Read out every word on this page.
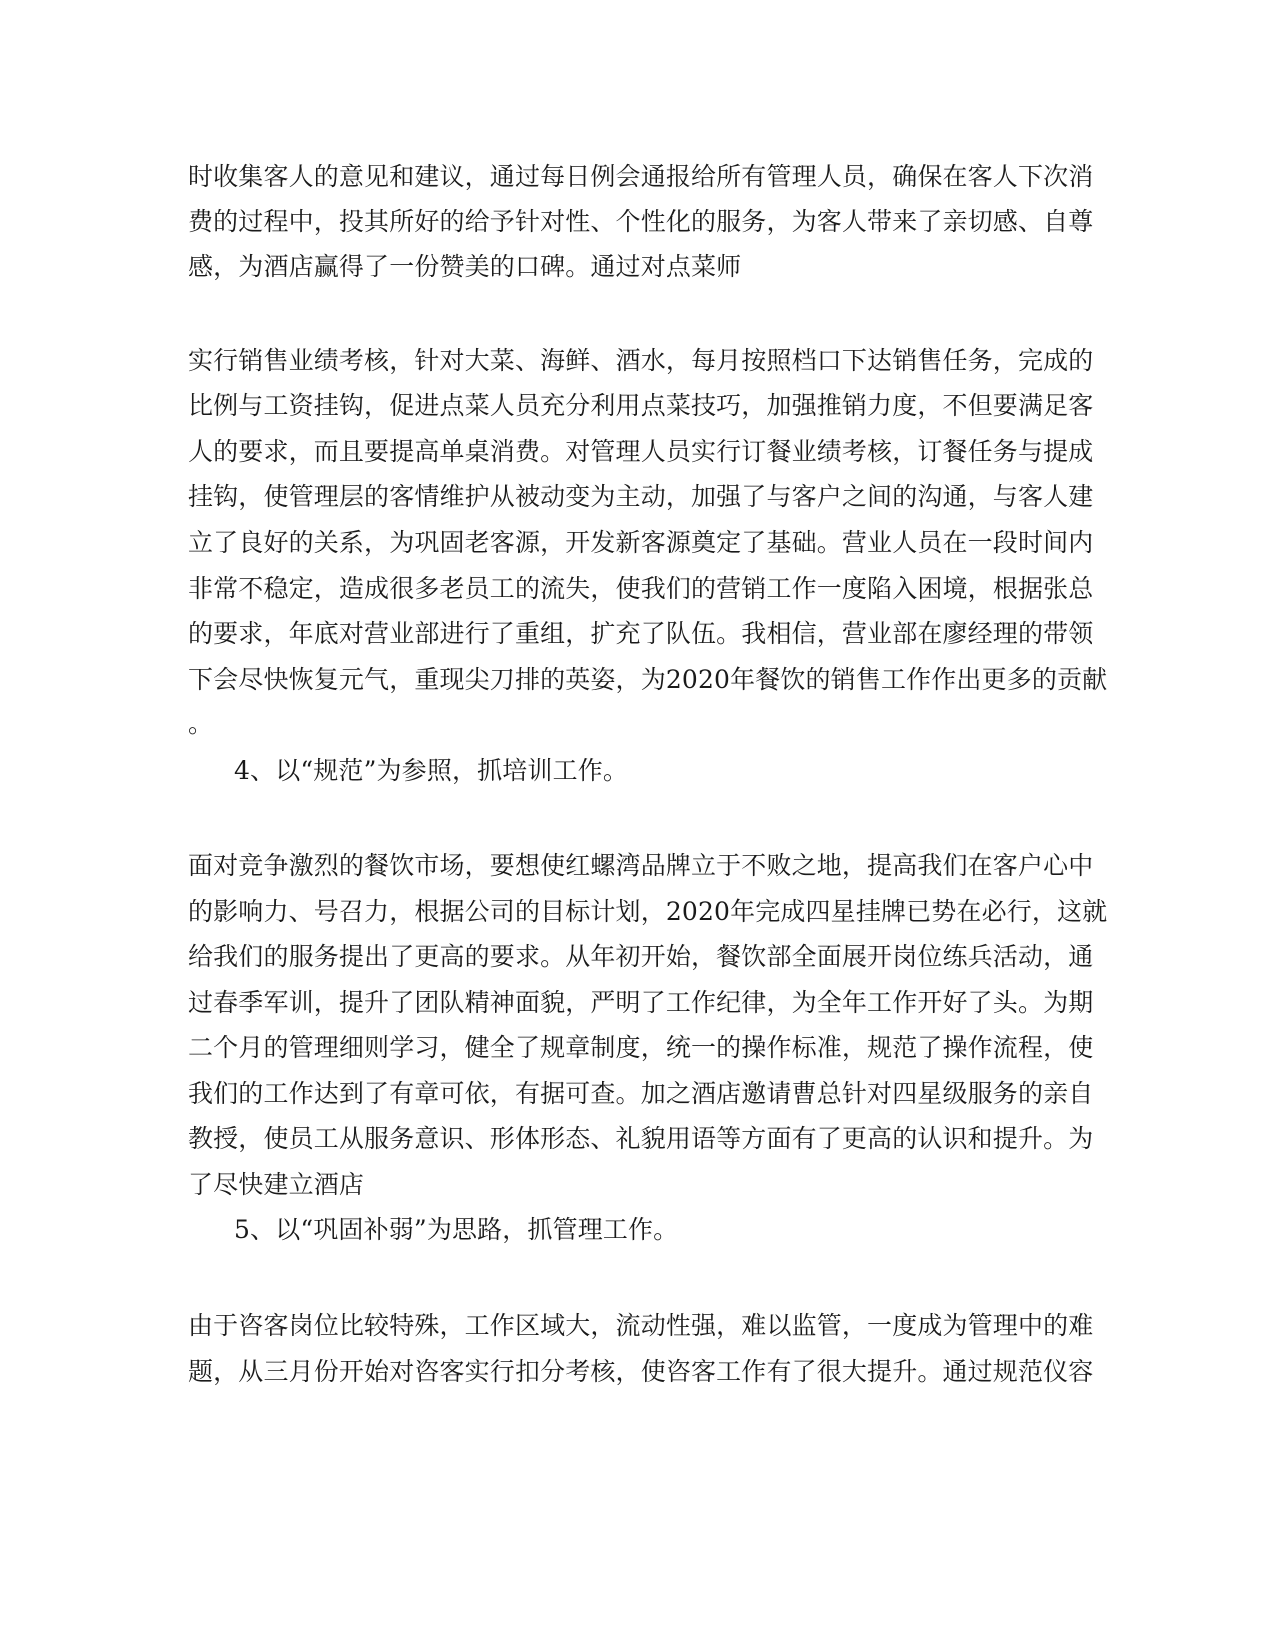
时收集客人的意见和建议，通过每日例会通报给所有管理人员，确保在客人下次消
费的过程中，投其所好的给予针对性、个性化的服务，为客人带来了亲切感、自尊
感，为酒店赢得了一份赞美的口碑。通过对点菜师
实行销售业绩考核，针对大菜、海鲜、酒水，每月按照档口下达销售任务，完成的
比例与工资挂钩，促进点菜人员充分利用点菜技巧，加强推销力度，不但要满足客
人的要求，而且要提高单桌消费。对管理人员实行订餐业绩考核，订餐任务与提成
挂钩，使管理层的客情维护从被动变为主动，加强了与客户之间的沟通，与客人建
立了良好的关系，为巩固老客源，开发新客源奠定了基础。营业人员在一段时间内
非常不稳定，造成很多老员工的流失，使我们的营销工作一度陷入困境，根据张总
的要求，年底对营业部进行了重组，扩充了队伍。我相信，营业部在廖经理的带领
下会尽快恢复元气，重现尖刀排的英姿，为2020年餐饮的销售工作作出更多的贡献
。
4、以“规范”为参照，抓培训工作。
面对竞争激烈的餐饮市场，要想使红螺湾品牌立于不败之地，提高我们在客户心中
的影响力、号召力，根据公司的目标计划，2020年完成四星挂牌已势在必行，这就
给我们的服务提出了更高的要求。从年初开始，餐饮部全面展开岗位练兵活动，通
过春季军训，提升了团队精神面貌，严明了工作纪律，为全年工作开好了头。为期
二个月的管理细则学习，健全了规章制度，统一的操作标准，规范了操作流程，使
我们的工作达到了有章可依，有据可查。加之酒店邀请曹总针对四星级服务的亲自
教授，使员工从服务意识、形体形态、礼貌用语等方面有了更高的认识和提升。为
了尽快建立酒店
5、以“巩固补弱”为思路，抓管理工作。
由于咨客岗位比较特殊，工作区域大，流动性强，难以监管，一度成为管理中的难
题，从三月份开始对咨客实行扣分考核，使咨客工作有了很大提升。通过规范仪容
